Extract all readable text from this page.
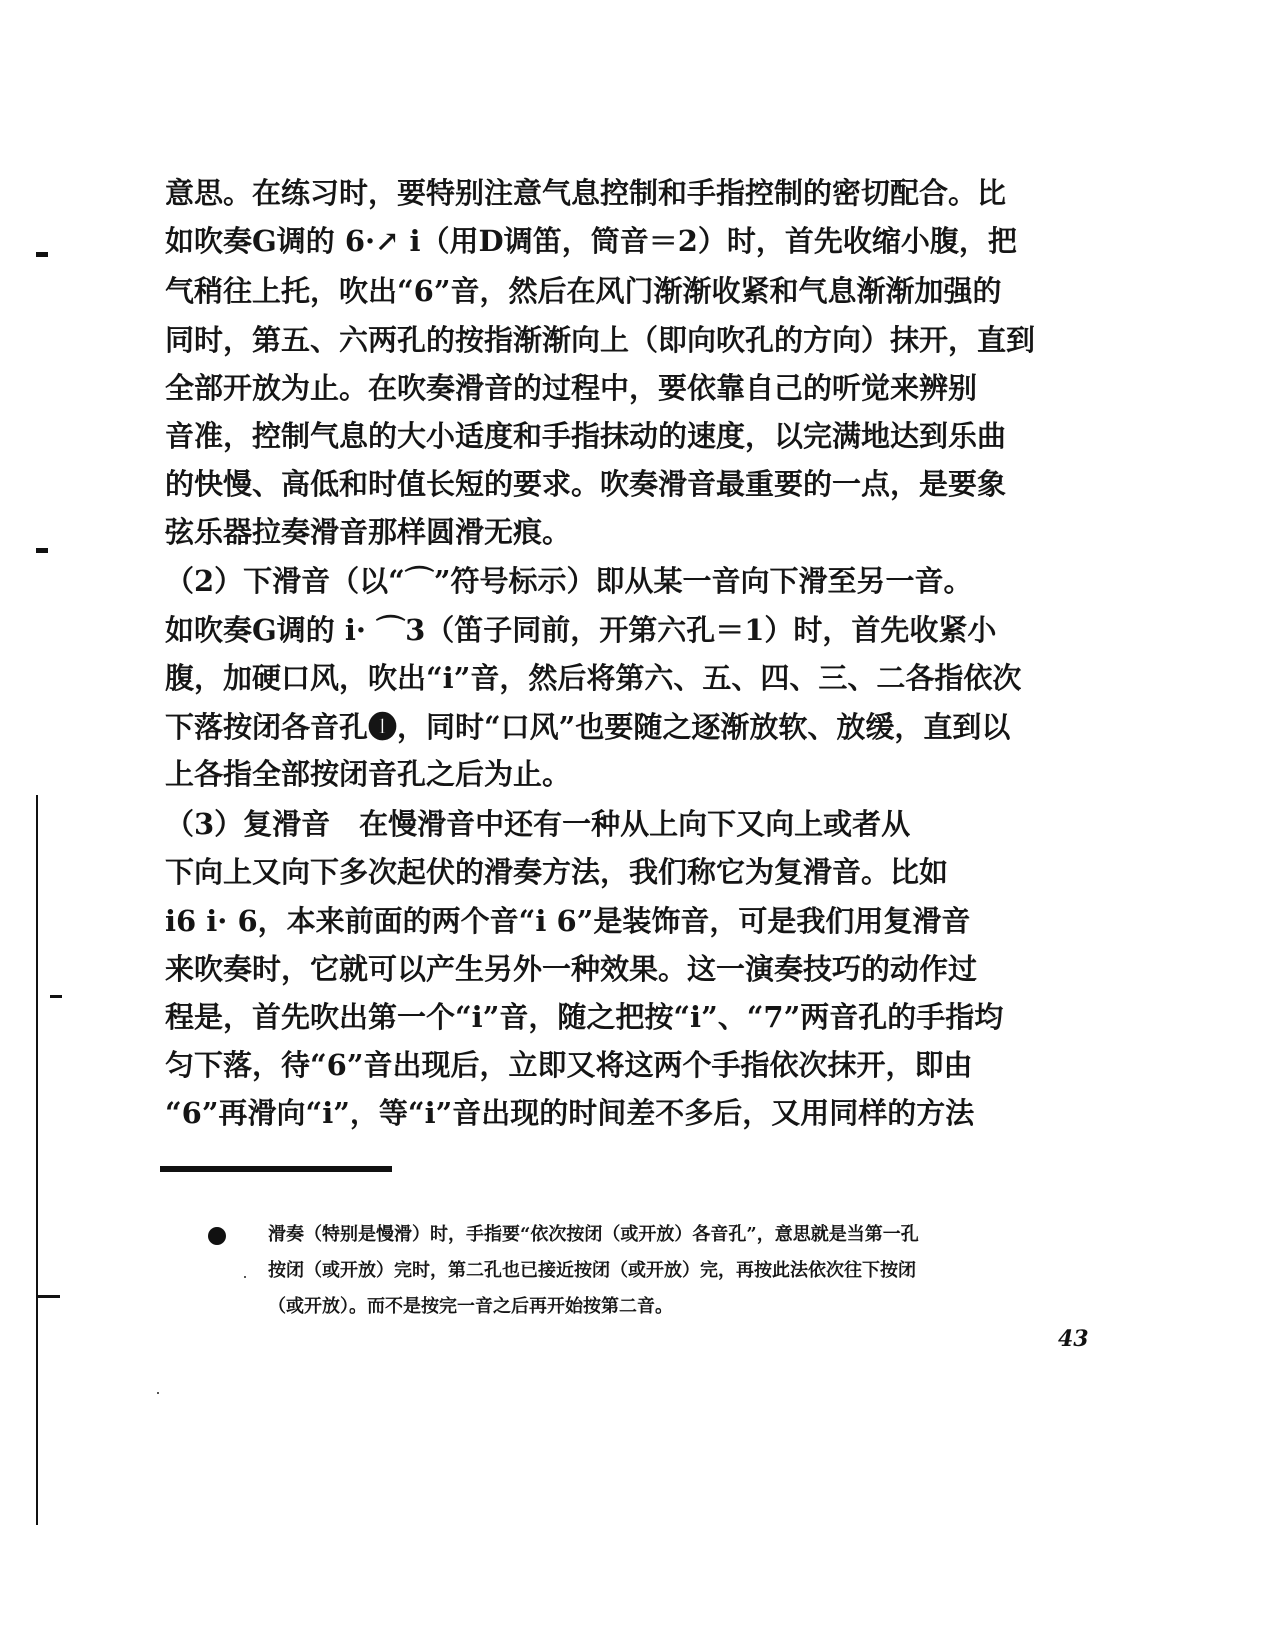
意思。在练习时，要特别注意气息控制和手指控制的密切配合。比
如吹奏G调的 6·↗ i（用D调笛，筒音＝2）时，首先收缩小腹，把
气稍往上托，吹出“6”音，然后在风门渐渐收紧和气息渐渐加强的
同时，第五、六两孔的按指渐渐向上（即向吹孔的方向）抹开，直到
全部开放为止。在吹奏滑音的过程中，要依靠自己的听觉来辨别
音准，控制气息的大小适度和手指抹动的速度，以完满地达到乐曲
的快慢、高低和时值长短的要求。吹奏滑音最重要的一点，是要象
弦乐器拉奏滑音那样圆滑无痕。
（2）下滑音（以“⌒”符号标示）即从某一音向下滑至另一音。
如吹奏G调的 i· ⌒3（笛子同前，开第六孔＝1）时，首先收紧小
腹，加硬口风，吹出“i”音，然后将第六、五、四、三、二各指依次
下落按闭各音孔❶，同时“口风”也要随之逐渐放软、放缓，直到以
上各指全部按闭音孔之后为止。
（3）复滑音　在慢滑音中还有一种从上向下又向上或者从
下向上又向下多次起伏的滑奏方法，我们称它为复滑音。比如
i6 i· 6，本来前面的两个音“i 6”是装饰音，可是我们用复滑音
来吹奏时，它就可以产生另外一种效果。这一演奏技巧的动作过
程是，首先吹出第一个“i”音，随之把按“i”、“7”两音孔的手指均
匀下落，待“6”音出现后，立即又将这两个手指依次抹开，即由
“6”再滑向“i”，等“i”音出现的时间差不多后，又用同样的方法
滑奏（特别是慢滑）时，手指要“依次按闭（或开放）各音孔”，意思就是当第一孔
按闭（或开放）完时，第二孔也已接近按闭（或开放）完，再按此法依次往下按闭
（或开放）。而不是按完一音之后再开始按第二音。
43
